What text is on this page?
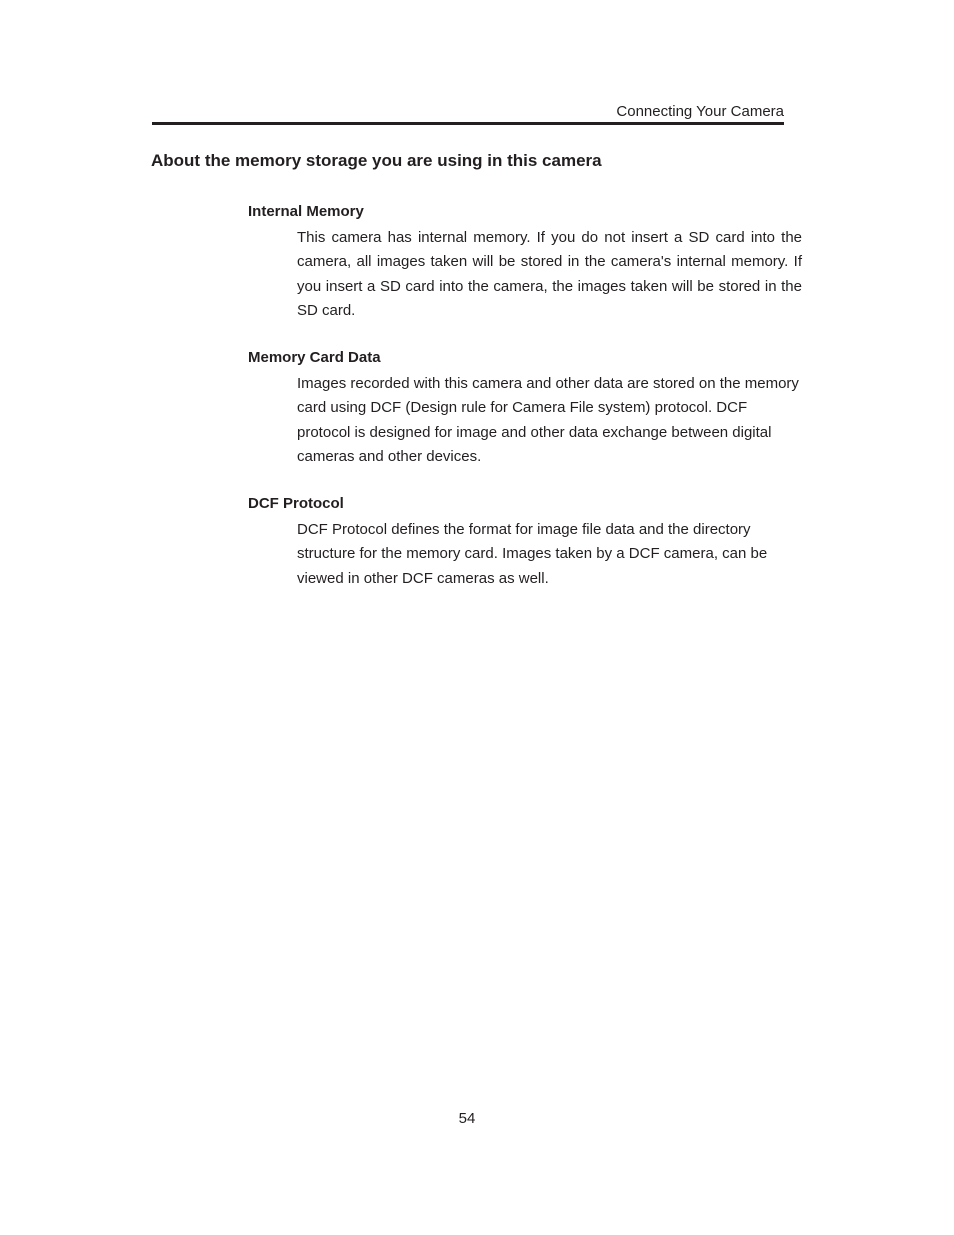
Connecting Your Camera
About the memory storage you are using in this camera
Internal Memory

This camera has internal memory. If you do not insert a SD card into the camera, all images taken will be stored in the camera's internal memory. If you insert a SD card into the camera, the images taken will be stored in the SD card.

Memory Card Data

Images recorded with this camera and other data are stored on the memory card using DCF (Design rule for Camera File system) protocol. DCF protocol is designed for image and other data exchange between digital cameras and other devices.

DCF Protocol

DCF Protocol defines the format for image file data and the directory structure for the memory card. Images taken by a DCF camera, can be viewed in other DCF cameras as well.

54
